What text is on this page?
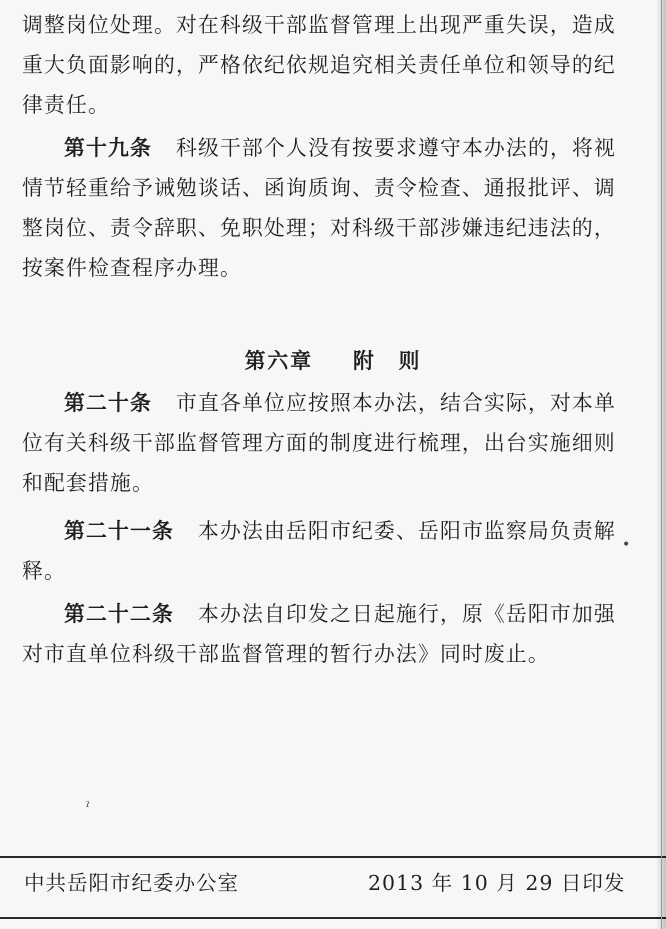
调整岗位处理。对在科级干部监督管理上出现严重失误，造成
重大负面影响的，严格依纪依规追究相关责任单位和领导的纪
律责任。
第十九条 科级干部个人没有按要求遵守本办法的，将视
情节轻重给予诫勉谈话、函询质询、责令检查、通报批评、调
整岗位、责令辞职、免职处理；对科级干部涉嫌违纪违法的，
按案件检查程序办理。
第六章 附　则
第二十条 市直各单位应按照本办法，结合实际，对本单
位有关科级干部监督管理方面的制度进行梳理，出台实施细则
和配套措施。
第二十一条 本办法由岳阳市纪委、岳阳市监察局负责解
释。
第二十二条 本办法自印发之日起施行，原《岳阳市加强
对市直单位科级干部监督管理的暂行办法》同时废止。
ˀ
•
中共岳阳市纪委办公室	2013 年 10 月 29 日印发
